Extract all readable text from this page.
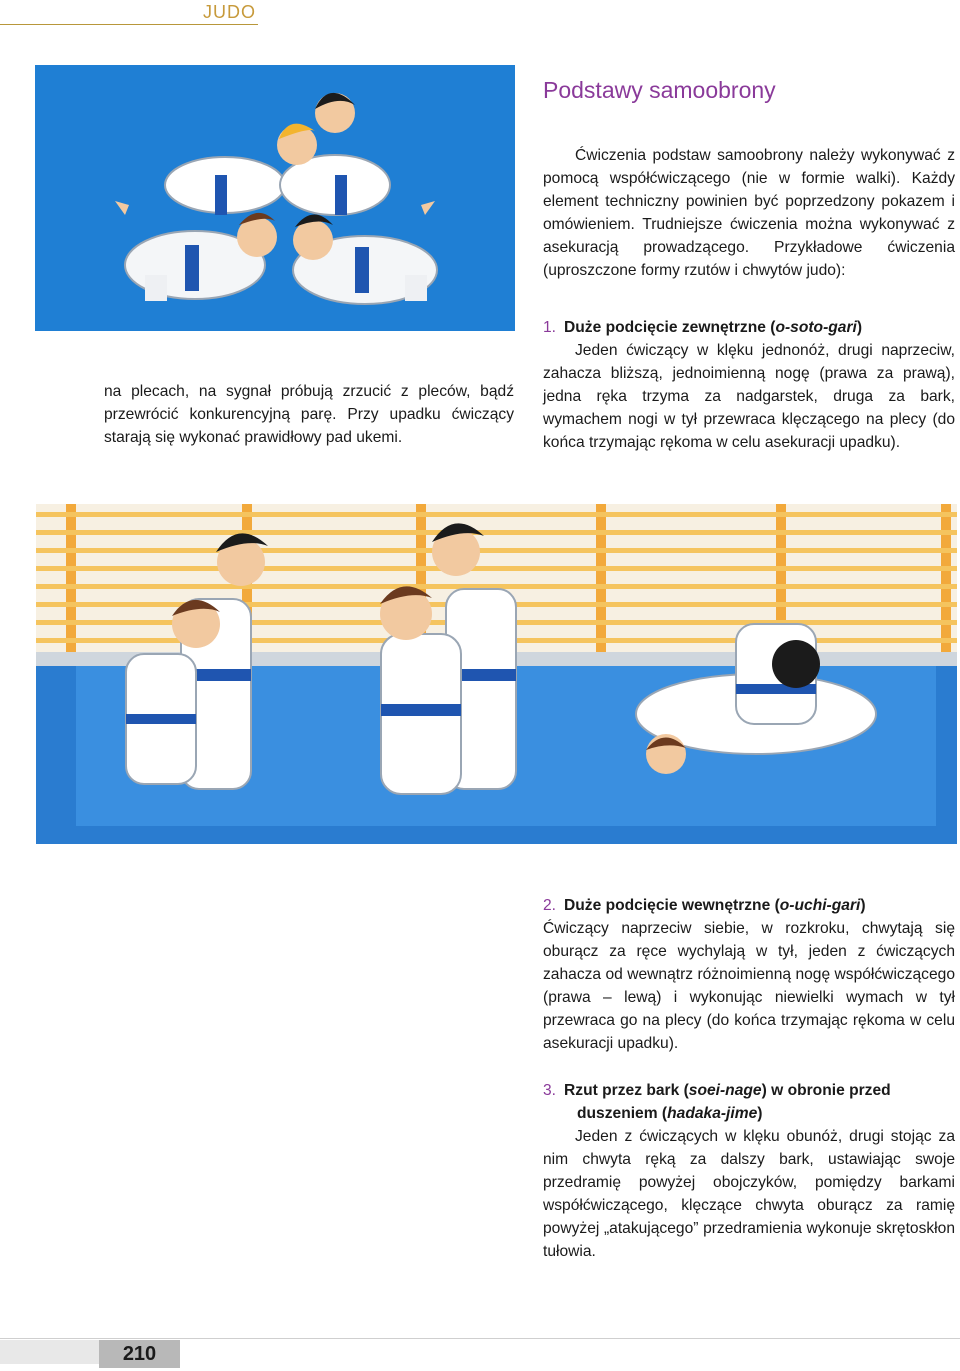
JUDO
Podstawy samoobrony

Ćwiczenia podstaw samoobrony należy wykonywać z pomocą współćwiczącego (nie w formie walki). Każdy element techniczny powinien być poprzedzony pokazem i omówieniem. Trudniejsze ćwiczenia można wykonywać z asekuracją prowadzącego. Przykładowe ćwiczenia (uproszczone formy rzutów i chwytów judo):

na plecach, na sygnał próbują zrzucić z pleców, bądź przewrócić konkurencyjną parę. Przy upadku ćwiczący starają się wykonać prawidłowy pad ukemi.

1. Duże podcięcie zewnętrzne (o-soto-gari)
Jeden ćwiczący w klęku jednonóż, drugi naprzeciw, zahacza bliższą, jednoimienną nogę (prawa za prawą), jedna ręka trzyma za nadgarstek, druga za bark, wymachem nogi w tył przewraca klęczącego na plecy (do końca trzymając rękoma w celu asekuracji upadku).
2. Duże podcięcie wewnętrzne (o-uchi-gari)
Ćwiczący naprzeciw siebie, w rozkroku, chwytają się oburącz za ręce wychylają w tył, jeden z ćwiczących zahacza od wewnątrz różnoimienną nogę współćwiczącego (prawa – lewą) i wykonując niewielki wymach w tył przewraca go na plecy (do końca trzymając rękoma w celu asekuracji upadku).
3. Rzut przez bark (soei-nage) w obronie przed
duszeniem (hadaka-jime)
Jeden z ćwiczących w klęku obunóż, drugi stojąc za nim chwyta ręką za dalszy bark, ustawiając swoje przedramię powyżej obojczyków, pomiędzy barkami współćwiczącego, klęczące chwyta oburącz za ramię powyżej „atakującego” przedramienia wykonuje skrętoskłon tułowia.
210
